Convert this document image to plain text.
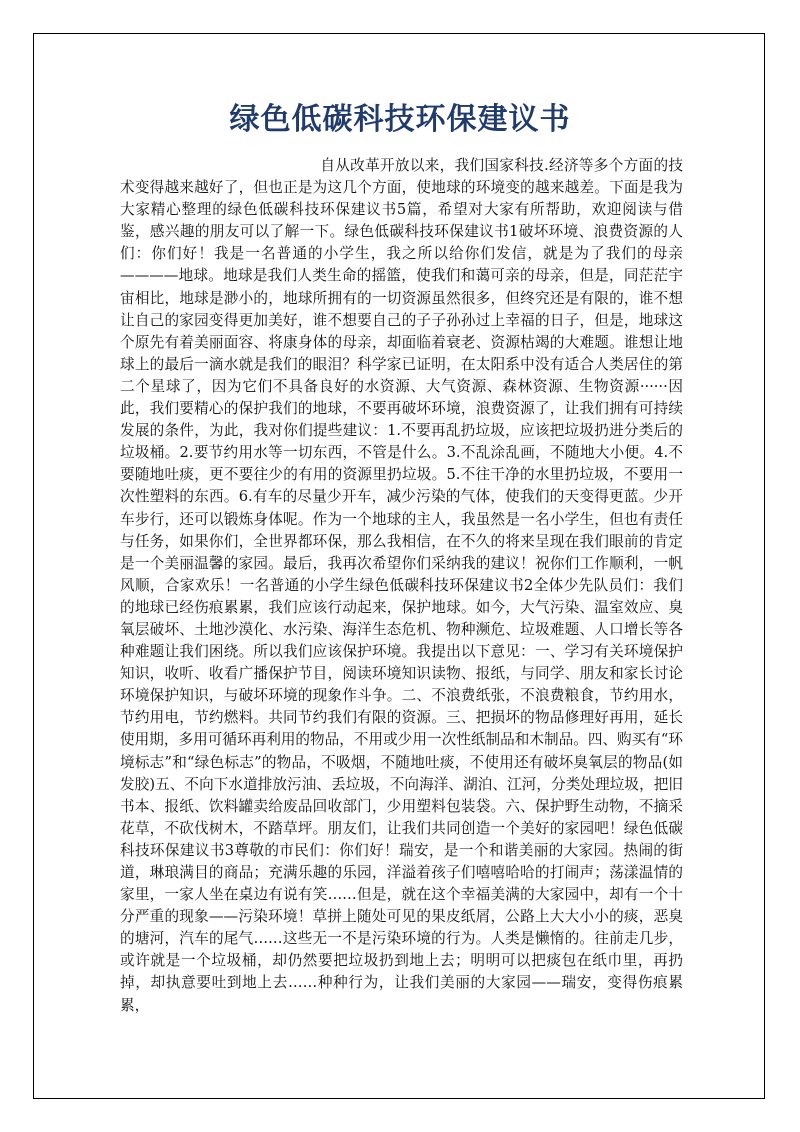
绿色低碳科技环保建议书

自从改革开放以来，我们国家科技.经济等多个方面的技术变得越来越好了，但也正是为这几个方面，使地球的环境变的越来越差。下面是我为大家精心整理的绿色低碳科技环保建议书5篇，希望对大家有所帮助，欢迎阅读与借鉴，感兴趣的朋友可以了解一下。绿色低碳科技环保建议书1破坏环境、浪费资源的人们：你们好！我是一名普通的小学生，我之所以给你们发信，就是为了我们的母亲————地球。地球是我们人类生命的摇篮，使我们和蔼可亲的母亲，但是，同茫茫宇宙相比，地球是渺小的，地球所拥有的一切资源虽然很多，但终究还是有限的，谁不想让自己的家园变得更加美好，谁不想要自己的子子孙孙过上幸福的日子，但是，地球这个原先有着美丽面容、将康身体的母亲，却面临着衰老、资源枯竭的大难题。谁想让地球上的最后一滴水就是我们的眼泪？科学家已证明，在太阳系中没有适合人类居住的第二个星球了，因为它们不具备良好的水资源、大气资源、森林资源、生物资源······因此，我们要精心的保护我们的地球，不要再破坏环境，浪费资源了，让我们拥有可持续发展的条件，为此，我对你们提些建议：1.不要再乱扔垃圾，应该把垃圾扔进分类后的垃圾桶。2.要节约用水等一切东西，不管是什么。3.不乱涂乱画，不随地大小便。4.不要随地吐痰，更不要往少的有用的资源里扔垃圾。5.不往干净的水里扔垃圾，不要用一次性塑料的东西。6.有车的尽量少开车，减少污染的气体，使我们的天变得更蓝。少开车步行，还可以锻炼身体呢。作为一个地球的主人，我虽然是一名小学生，但也有责任与任务，如果你们，全世界都环保，那么我相信，在不久的将来呈现在我们眼前的肯定是一个美丽温馨的家园。最后，我再次希望你们采纳我的建议！祝你们工作顺利，一帆风顺，合家欢乐！一名普通的小学生绿色低碳科技环保建议书2全体少先队员们：我们的地球已经伤痕累累，我们应该行动起来，保护地球。如今，大气污染、温室效应、臭氧层破坏、土地沙漠化、水污染、海洋生态危机、物种濒危、垃圾难题、人口增长等各种难题让我们困绕。所以我们应该保护环境。我提出以下意见：一、学习有关环境保护知识，收听、收看广播保护节目，阅读环境知识读物、报纸，与同学、朋友和家长讨论环境保护知识，与破坏环境的现象作斗争。二、不浪费纸张，不浪费粮食，节约用水，节约用电，节约燃料。共同节约我们有限的资源。三、把损坏的物品修理好再用，延长使用期，多用可循环再利用的物品，不用或少用一次性纸制品和木制品。四、购买有“环境标志”和“绿色标志”的物品，不吸烟，不随地吐痰，不使用还有破坏臭氧层的物品(如发胶)五、不向下水道排放污油、丢垃圾，不向海洋、湖泊、江河，分类处理垃圾，把旧书本、报纸、饮料罐卖给废品回收部门，少用塑料包装袋。六、保护野生动物，不摘采花草，不砍伐树木，不踏草坪。朋友们，让我们共同创造一个美好的家园吧！绿色低碳科技环保建议书3尊敬的市民们：你们好！瑞安，是一个和谐美丽的大家园。热闹的街道，琳琅满目的商品；充满乐趣的乐园，洋溢着孩子们嘻嘻哈哈的打闹声；荡漾温情的家里，一家人坐在桌边有说有笑……但是，就在这个幸福美满的大家园中，却有一个十分严重的现象——污染环境！草拼上随处可见的果皮纸屑，公路上大大小小的痰，恶臭的塘河，汽车的尾气……这些无一不是污染环境的行为。人类是懒惰的。往前走几步，或许就是一个垃圾桶，却仍然要把垃圾扔到地上去；明明可以把痰包在纸巾里，再扔掉，却执意要吐到地上去……种种行为，让我们美丽的大家园——瑞安，变得伤痕累累，
